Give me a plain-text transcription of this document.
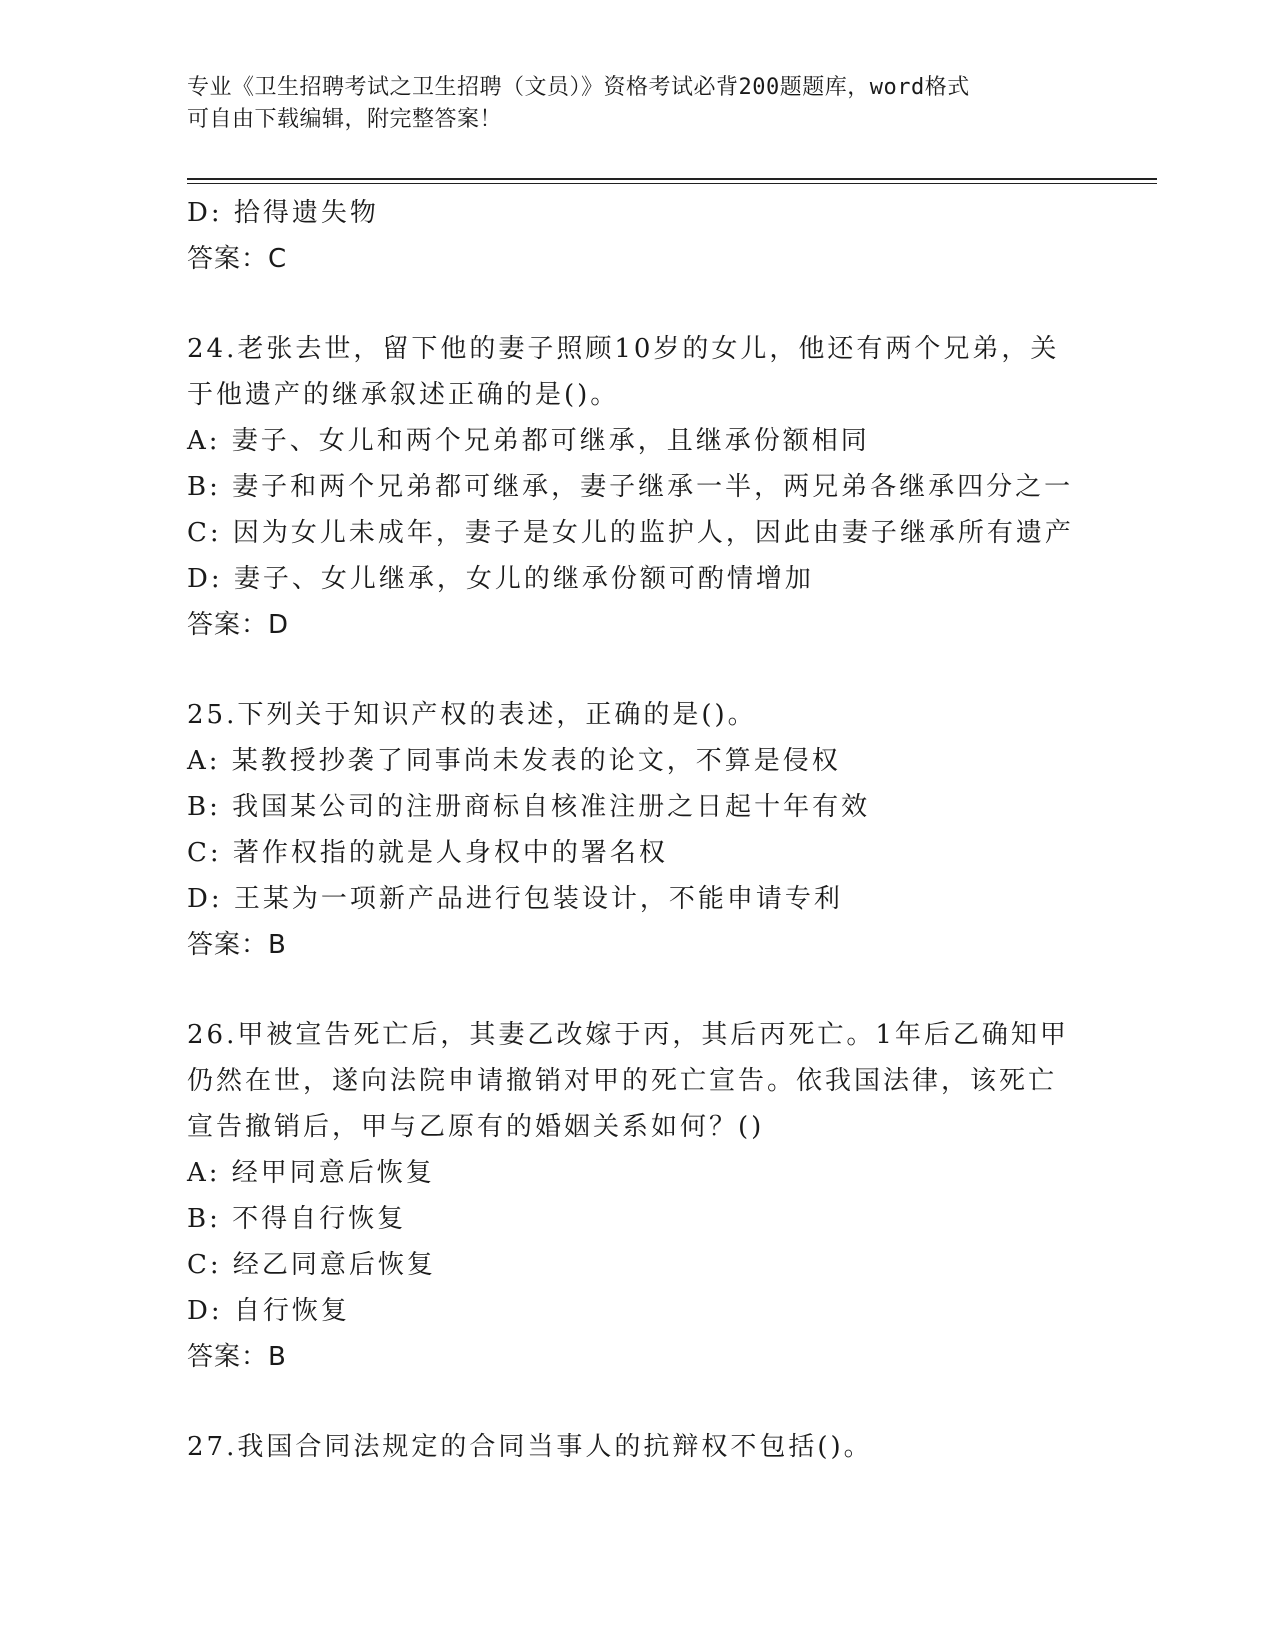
专业《卫生招聘考试之卫生招聘（文员）》资格考试必背200题题库，word格式
可自由下载编辑，附完整答案！
D: 拾得遗失物
答案：C
24.老张去世，留下他的妻子照顾10岁的女儿，他还有两个兄弟，关
于他遗产的继承叙述正确的是()。
A: 妻子、女儿和两个兄弟都可继承，且继承份额相同
B: 妻子和两个兄弟都可继承，妻子继承一半，两兄弟各继承四分之一
C: 因为女儿未成年，妻子是女儿的监护人，因此由妻子继承所有遗产
D: 妻子、女儿继承，女儿的继承份额可酌情增加
答案：D
25.下列关于知识产权的表述，正确的是()。
A: 某教授抄袭了同事尚未发表的论文，不算是侵权
B: 我国某公司的注册商标自核准注册之日起十年有效
C: 著作权指的就是人身权中的署名权
D: 王某为一项新产品进行包装设计，不能申请专利
答案：B
26.甲被宣告死亡后，其妻乙改嫁于丙，其后丙死亡。1年后乙确知甲
仍然在世，遂向法院申请撤销对甲的死亡宣告。依我国法律，该死亡
宣告撤销后，甲与乙原有的婚姻关系如何？()
A: 经甲同意后恢复
B: 不得自行恢复
C: 经乙同意后恢复
D: 自行恢复
答案：B
27.我国合同法规定的合同当事人的抗辩权不包括()。
